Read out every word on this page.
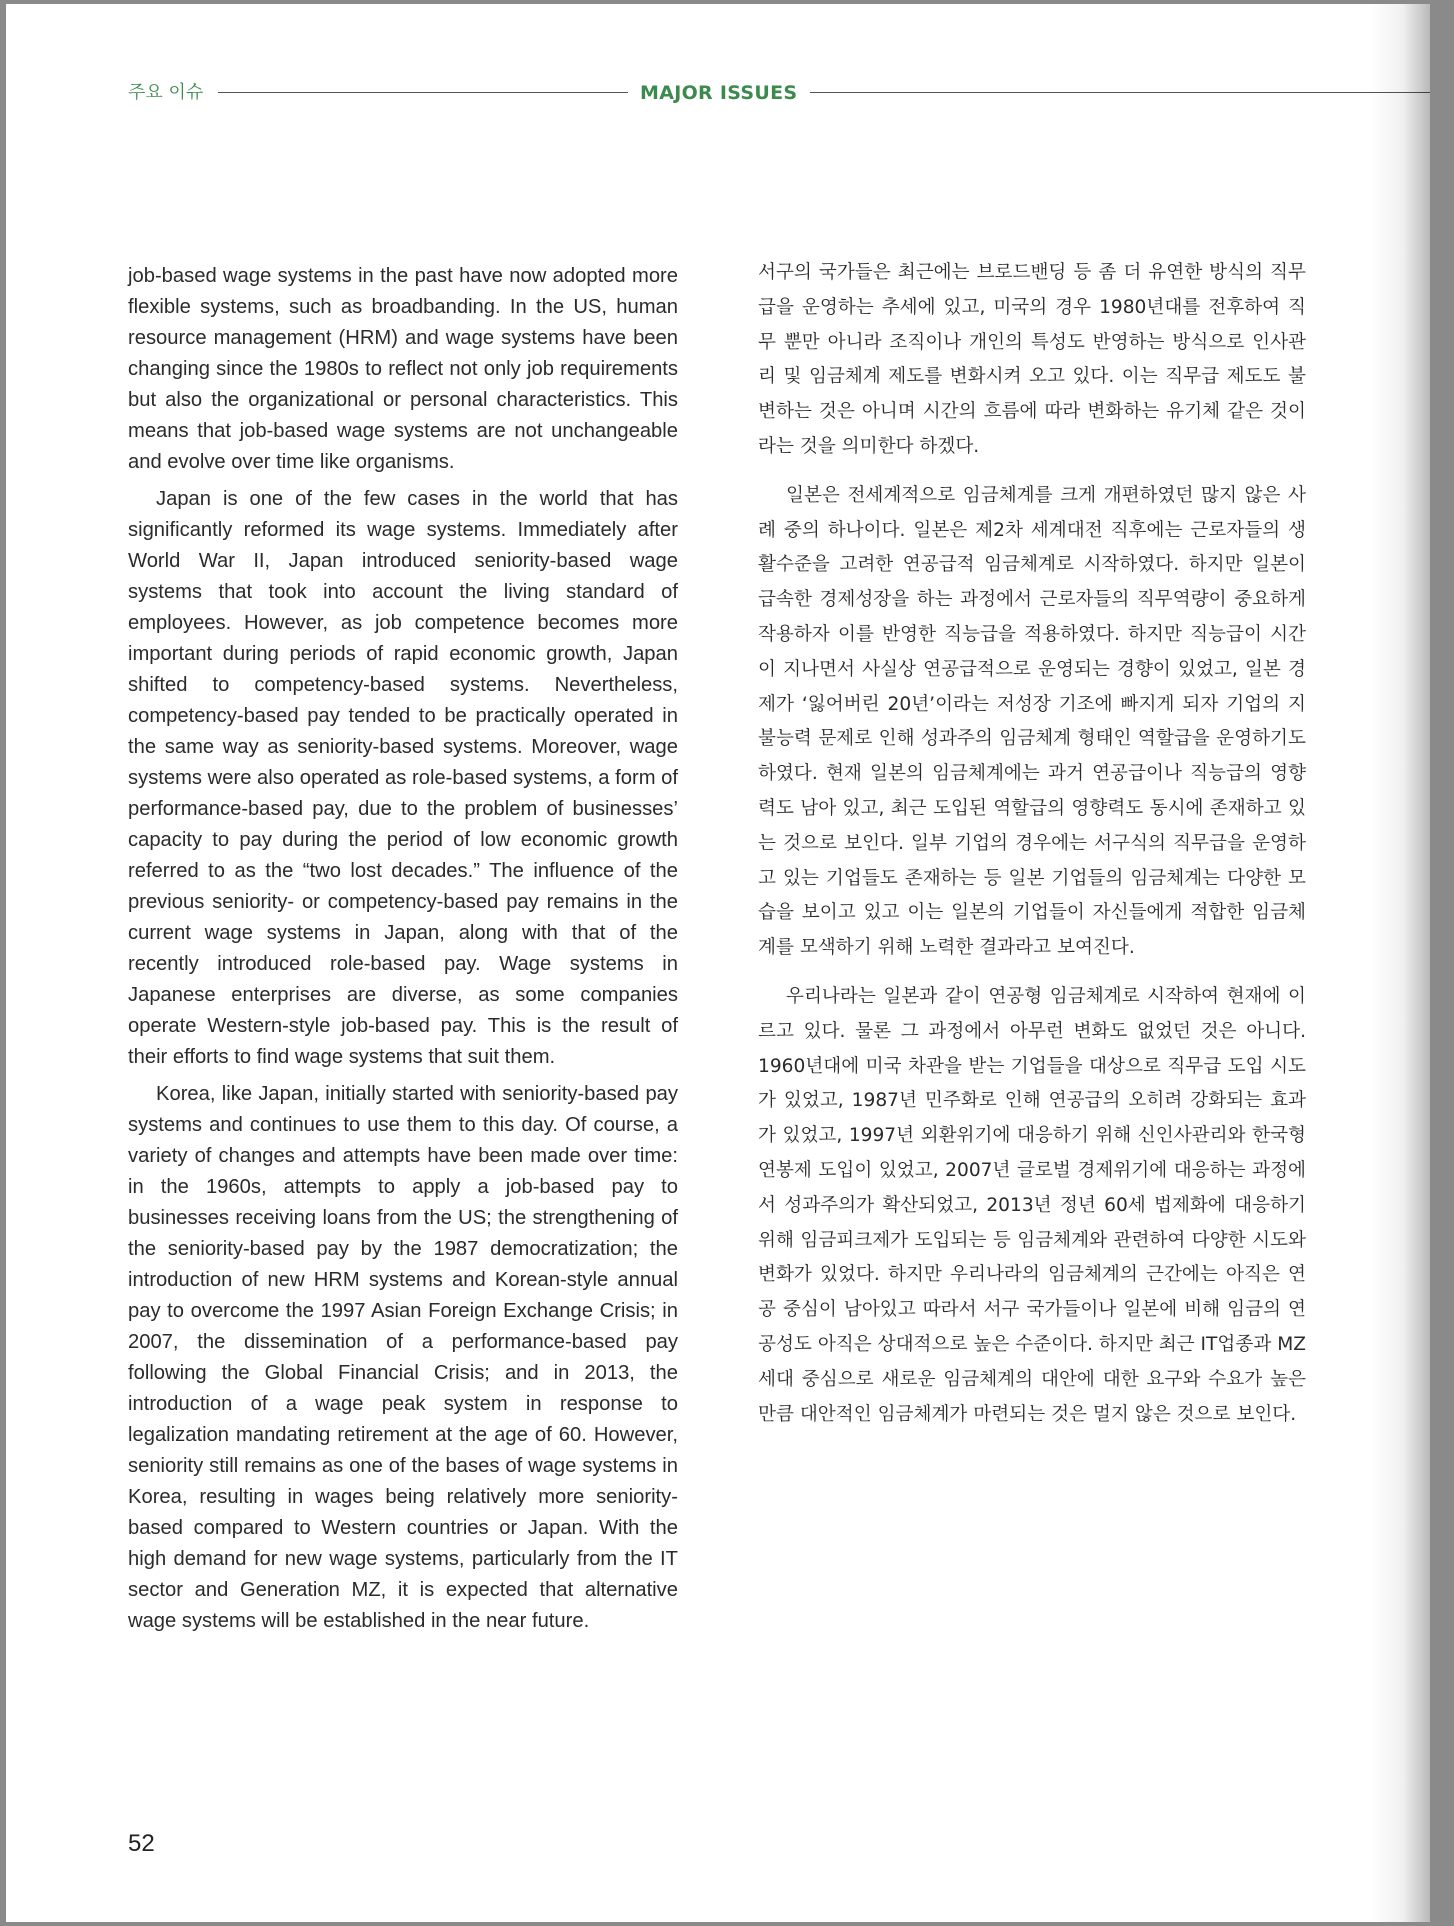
주요 이슈	MAJOR ISSUES

job-based wage systems in the past have now adopted more flexible systems, such as broadbanding. In the US, human resource management (HRM) and wage systems have been changing since the 1980s to reflect not only job requirements but also the organizational or personal characteristics. This means that job-based wage systems are not unchangeable and evolve over time like organisms.

Japan is one of the few cases in the world that has significantly reformed its wage systems. Immediately after World War II, Japan introduced seniority-based wage systems that took into account the living standard of employees. However, as job competence becomes more important during periods of rapid economic growth, Japan shifted to competency-based systems. Nevertheless, competency-based pay tended to be practically operated in the same way as seniority-based systems. Moreover, wage systems were also operated as role-based systems, a form of performance-based pay, due to the problem of businesses’ capacity to pay during the period of low economic growth referred to as the “two lost decades.” The influence of the previous seniority- or competency-based pay remains in the current wage systems in Japan, along with that of the recently introduced role-based pay. Wage systems in Japanese enterprises are diverse, as some companies operate Western-style job-based pay. This is the result of their efforts to find wage systems that suit them.

Korea, like Japan, initially started with seniority-based pay systems and continues to use them to this day. Of course, a variety of changes and attempts have been made over time: in the 1960s, attempts to apply a job-based pay to businesses receiving loans from the US; the strengthening of the seniority-based pay by the 1987 democratization; the introduction of new HRM systems and Korean-style annual pay to overcome the 1997 Asian Foreign Exchange Crisis; in 2007, the dissemination of a performance-based pay following the Global Financial Crisis; and in 2013, the introduction of a wage peak system in response to legalization mandating retirement at the age of 60. However, seniority still remains as one of the bases of wage systems in Korea, resulting in wages being relatively more seniority-based compared to Western countries or Japan. With the high demand for new wage systems, particularly from the IT sector and Generation MZ, it is expected that alternative wage systems will be established in the near future.

서구의 국가들은 최근에는 브로드밴딩 등 좀 더 유연한 방식의 직무급을 운영하는 추세에 있고, 미국의 경우 1980년대를 전후하여 직무 뿐만 아니라 조직이나 개인의 특성도 반영하는 방식으로 인사관리 및 임금체계 제도를 변화시켜 오고 있다. 이는 직무급 제도도 불변하는 것은 아니며 시간의 흐름에 따라 변화하는 유기체 같은 것이라는 것을 의미한다 하겠다.

일본은 전세계적으로 임금체계를 크게 개편하였던 많지 않은 사례 중의 하나이다. 일본은 제2차 세계대전 직후에는 근로자들의 생활수준을 고려한 연공급적 임금체계로 시작하였다. 하지만 일본이 급속한 경제성장을 하는 과정에서 근로자들의 직무역량이 중요하게 작용하자 이를 반영한 직능급을 적용하였다. 하지만 직능급이 시간이 지나면서 사실상 연공급적으로 운영되는 경향이 있었고, 일본 경제가 ‘잃어버린 20년’이라는 저성장 기조에 빠지게 되자 기업의 지불능력 문제로 인해 성과주의 임금체계 형태인 역할급을 운영하기도 하였다. 현재 일본의 임금체계에는 과거 연공급이나 직능급의 영향력도 남아 있고, 최근 도입된 역할급의 영향력도 동시에 존재하고 있는 것으로 보인다. 일부 기업의 경우에는 서구식의 직무급을 운영하고 있는 기업들도 존재하는 등 일본 기업들의 임금체계는 다양한 모습을 보이고 있고 이는 일본의 기업들이 자신들에게 적합한 임금체계를 모색하기 위해 노력한 결과라고 보여진다.

우리나라는 일본과 같이 연공형 임금체계로 시작하여 현재에 이르고 있다. 물론 그 과정에서 아무런 변화도 없었던 것은 아니다. 1960년대에 미국 차관을 받는 기업들을 대상으로 직무급 도입 시도가 있었고, 1987년 민주화로 인해 연공급의 오히려 강화되는 효과가 있었고, 1997년 외환위기에 대응하기 위해 신인사관리와 한국형 연봉제 도입이 있었고, 2007년 글로벌 경제위기에 대응하는 과정에서 성과주의가 확산되었고, 2013년 정년 60세 법제화에 대응하기 위해 임금피크제가 도입되는 등 임금체계와 관련하여 다양한 시도와 변화가 있었다. 하지만 우리나라의 임금체계의 근간에는 아직은 연공 중심이 남아있고 따라서 서구 국가들이나 일본에 비해 임금의 연공성도 아직은 상대적으로 높은 수준이다. 하지만 최근 IT업종과 MZ 세대 중심으로 새로운 임금체계의 대안에 대한 요구와 수요가 높은 만큼 대안적인 임금체계가 마련되는 것은 멀지 않은 것으로 보인다.

52
